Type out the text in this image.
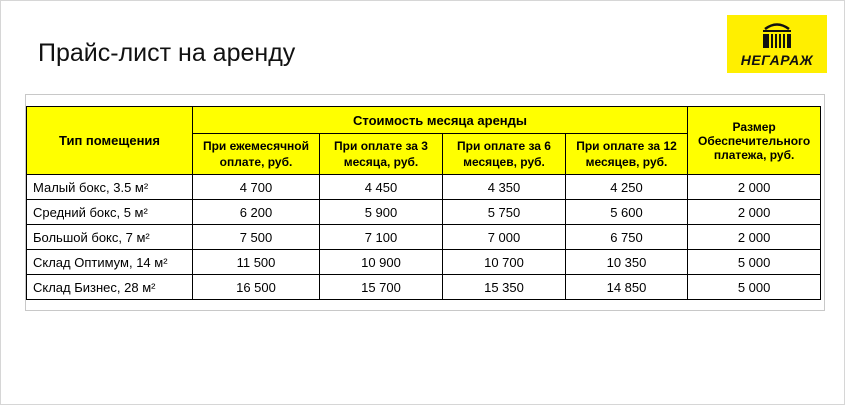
Прайс-лист на аренду	НЕГАРАЖ
Тип помещения	Стоимость месяца аренды				Размер Обеспечительного платежа, руб.
	При ежемесячной оплате, руб.	При оплате за 3 месяца, руб.	При оплате за 6 месяцев, руб.	При оплате за 12 месяцев, руб.	
Малый бокс, 3.5 м²	4 700	4 450	4 350	4 250	2 000
Средний бокс, 5 м²	6 200	5 900	5 750	5 600	2 000
Большой бокс, 7 м²	7 500	7 100	7 000	6 750	2 000
Склад Оптимум, 14 м²	11 500	10 900	10 700	10 350	5 000
Склад Бизнес, 28 м²	16 500	15 700	15 350	14 850	5 000
